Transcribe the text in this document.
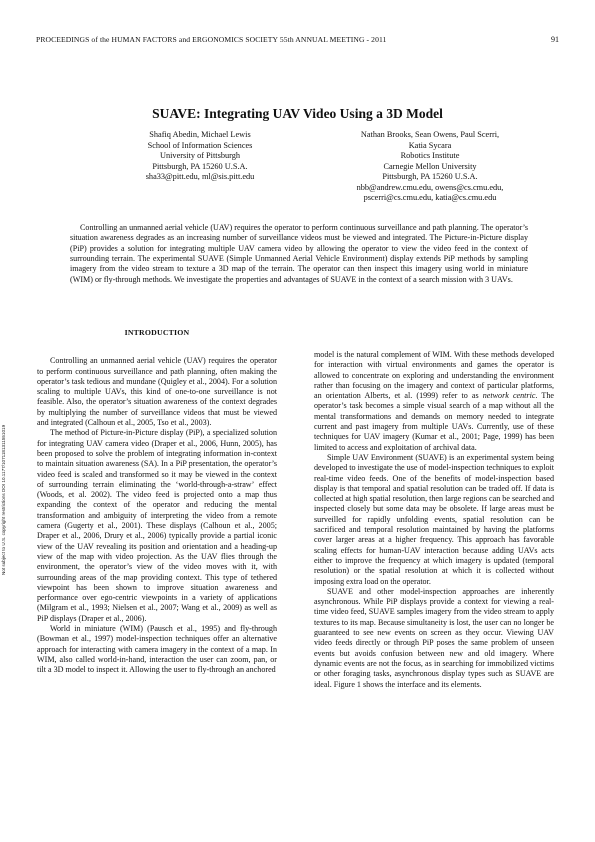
PROCEEDINGS of the HUMAN FACTORS and ERGONOMICS SOCIETY 55th ANNUAL MEETING - 2011	91
Not subject to U.S. copyright restrictions DOI 10.1177/1071181311551019
SUAVE: Integrating UAV Video Using a 3D Model
Shafiq Abedin, Michael Lewis
School of Information Sciences
University of Pittsburgh
Pittsburgh, PA 15260 U.S.A.
sha33@pitt.edu, ml@sis.pitt.edu
Nathan Brooks, Sean Owens, Paul Scerri,
Katia Sycara
Robotics Institute
Carnegie Mellon University
Pittsburgh, PA 15260 U.S.A.
nbb@andrew.cmu.edu, owens@cs.cmu.edu,
pscerri@cs.cmu.edu, katia@cs.cmu.edu
Controlling an unmanned aerial vehicle (UAV) requires the operator to perform continuous surveillance and path planning. The operator’s situation awareness degrades as an increasing number of surveillance videos must be viewed and integrated. The Picture-in-Picture display (PiP) provides a solution for integrating multiple UAV camera video by allowing the operator to view the video feed in the context of surrounding terrain. The experimental SUAVE (Simple Unmanned Aerial Vehicle Environment) display extends PiP methods by sampling imagery from the video stream to texture a 3D map of the terrain. The operator can then inspect this imagery using world in miniature (WIM) or fly-through methods. We investigate the properties and advantages of SUAVE in the context of a search mission with 3 UAVs.
INTRODUCTION

Controlling an unmanned aerial vehicle (UAV) requires the operator to perform continuous surveillance and path planning, often making the operator’s task tedious and mundane (Quigley et al., 2004). For a solution scaling to multiple UAVs, this kind of one-to-one surveillance is not feasible. Also, the operator’s situation awareness of the context degrades by multiplying the number of surveillance videos that must be viewed and integrated (Calhoun et al., 2005, Tso et al., 2003).

The method of Picture-in-Picture display (PiP), a specialized solution for integrating UAV camera video (Draper et al., 2006, Hunn, 2005), has been proposed to solve the problem of integrating information in-context to maintain situation awareness (SA). In a PiP presentation, the operator’s video feed is scaled and transformed so it may be viewed in the context of surrounding terrain eliminating the ‘world-through-a-straw’ effect (Woods, et al. 2002). The video feed is projected onto a map thus expanding the context of the operator and reducing the mental transformation and ambiguity of interpreting the video from a remote camera (Gugerty et al., 2001). These displays (Calhoun et al., 2005; Draper et al., 2006, Drury et al., 2006) typically provide a partial iconic view of the UAV revealing its position and orientation and a heading-up view of the map with video projection. As the UAV flies through the environment, the operator’s view of the video moves with it, with surrounding areas of the map providing context. This type of tethered viewpoint has been shown to improve situation awareness and performance over ego-centric viewpoints in a variety of applications (Milgram et al., 1993; Nielsen et al., 2007; Wang et al., 2009) as well as PiP displays (Draper et al., 2006).

World in miniature (WIM) (Pausch et al., 1995) and fly-through (Bowman et al., 1997) model-inspection techniques offer an alternative approach for interacting with camera imagery in the context of a map. In WIM, also called world-in-hand, interaction the user can zoom, pan, or tilt a 3D model to inspect it. Allowing the user to fly-through an anchored

model is the natural complement of WIM. With these methods developed for interaction with virtual environments and games the operator is allowed to concentrate on exploring and understanding the environment rather than focusing on the imagery and context of particular platforms, an orientation Alberts, et al. (1999) refer to as network centric. The operator’s task becomes a simple visual search of a map without all the mental transformations and demands on memory needed to integrate current and past imagery from multiple UAVs. Currently, use of these techniques for UAV imagery (Kumar et al., 2001; Page, 1999) has been limited to access and exploitation of archival data.

Simple UAV Environment (SUAVE) is an experimental system being developed to investigate the use of model-inspection techniques to exploit real-time video feeds. One of the benefits of model-inspection based display is that temporal and spatial resolution can be traded off. If data is collected at high spatial resolution, then large regions can be searched and inspected closely but some data may be obsolete. If large areas must be surveilled for rapidly unfolding events, spatial resolution can be sacrificed and temporal resolution maintained by having the platforms cover larger areas at a higher frequency. This approach has favorable scaling effects for human-UAV interaction because adding UAVs acts either to improve the frequency at which imagery is updated (temporal resolution) or the spatial resolution at which it is collected without imposing extra load on the operator.

SUAVE and other model-inspection approaches are inherently asynchronous. While PiP displays provide a context for viewing a real-time video feed, SUAVE samples imagery from the video stream to apply textures to its map. Because simultaneity is lost, the user can no longer be guaranteed to see new events on screen as they occur. Viewing UAV video feeds directly or through PiP poses the same problem of unseen events but avoids confusion between new and old imagery. Where dynamic events are not the focus, as in searching for immobilized victims or other foraging tasks, asynchronous display types such as SUAVE are ideal. Figure 1 shows the interface and its elements.
